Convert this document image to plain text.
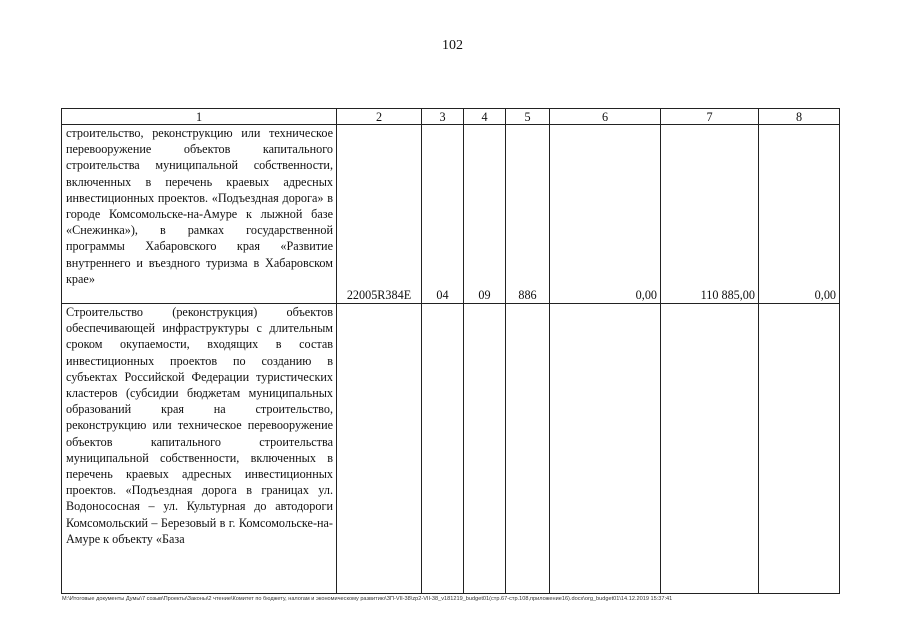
102
1	2	3	4	5	6	7	8
строительство, реконструкцию или техническое перевооружение объектов капитального строительства муниципальной собственности, включенных в перечень краевых адресных инвестиционных проектов. «Подъездная дорога» в городе Комсомольске-на-Амуре к лыжной базе «Снежинка»), в рамках государственной программы Хабаровского края «Развитие внутреннего и въездного туризма в Хабаровском крае»	22005R384E	04	09	886	0,00	110 885,00	0,00
Строительство (реконструкция) объектов обеспечивающей инфраструктуры с длительным сроком окупаемости, входящих в состав инвестиционных проектов по созданию в субъектах Российской Федерации туристических кластеров (субсидии бюджетам муниципальных образований края на строительство, реконструкцию или техническое перевооружение объектов капитального строительства муниципальной собственности, включенных в перечень краевых адресных инвестиционных проектов. «Подъездная дорога в границах ул. Водонососная – ул. Культурная до автодороги Комсомольский – Березовый в г. Комсомольске-на-Амуре к объекту «База							
M:\Итоговые документы Думы\7 созыв\Проекты\Законы\2 чтение\Комитет по бюджету, налогам и экономическому развитию\ЗП-VII-38\zp2-VII-38_v181219_budget01(стр.67-стр.108,приложение16).docx\org_budget01\14.12.2019 15:37:41
